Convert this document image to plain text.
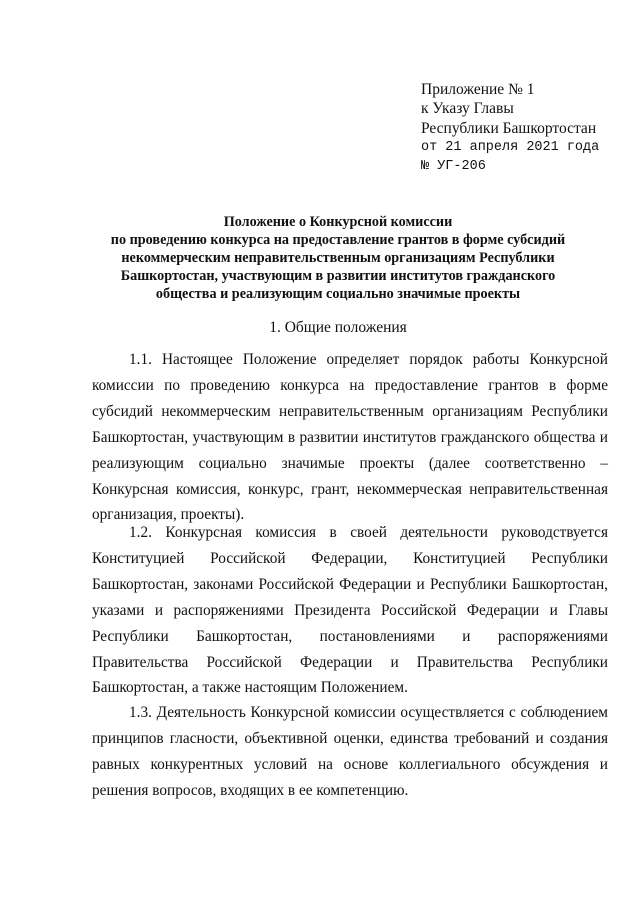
Приложение № 1
к Указу Главы
Республики Башкортостан
от 21 апреля 2021 года
№ УГ-206
Положение о Конкурсной комиссии
по проведению конкурса на предоставление грантов в форме субсидий
некоммерческим неправительственным организациям Республики
Башкортостан, участвующим в развитии институтов гражданского
общества и реализующим социально значимые проекты
1. Общие положения
1.1. Настоящее Положение определяет порядок работы Конкурсной комиссии по проведению конкурса на предоставление грантов в форме субсидий некоммерческим неправительственным организациям Республики Башкортостан, участвующим в развитии институтов гражданского общества и реализующим социально значимые проекты (далее соответственно – Конкурсная комиссия, конкурс, грант, некоммерческая неправительственная организация, проекты).
1.2. Конкурсная комиссия в своей деятельности руководствуется Конституцией Российской Федерации, Конституцией Республики Башкортостан, законами Российской Федерации и Республики Башкортостан, указами и распоряжениями Президента Российской Федерации и Главы Республики Башкортостан, постановлениями и распоряжениями Правительства Российской Федерации и Правительства Республики Башкортостан, а также настоящим Положением.
1.3. Деятельность Конкурсной комиссии осуществляется с соблюдением принципов гласности, объективной оценки, единства требований и создания равных конкурентных условий на основе коллегиального обсуждения и решения вопросов, входящих в ее компетенцию.
